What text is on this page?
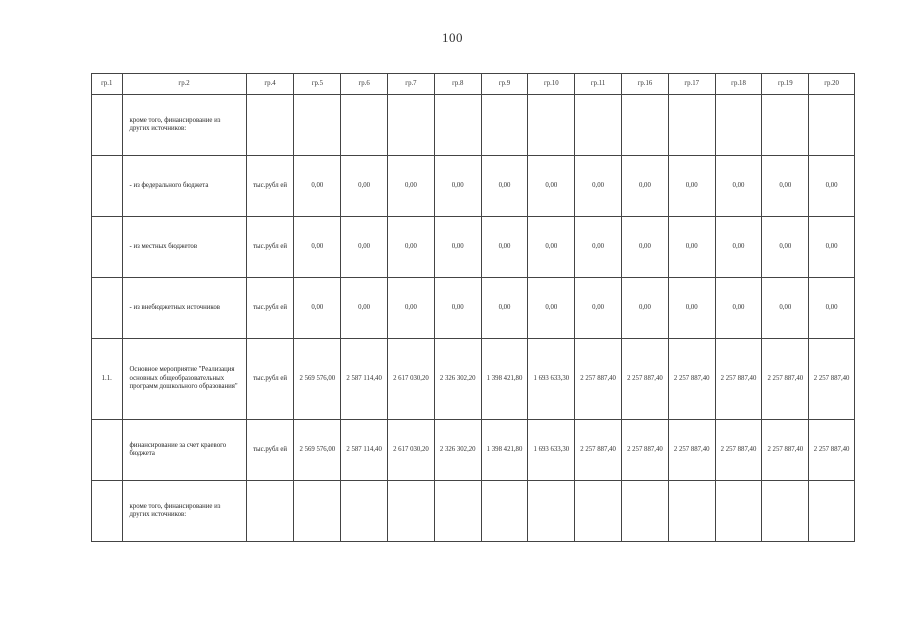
100
гр.1	гр.2	гр.4	гр.5	гр.6	гр.7	гр.8	гр.9	гр.10	гр.11	гр.16	гр.17	гр.18	гр.19	гр.20
	кроме того, финансирование из других источников:													
	- из федерального бюджета	тыс.рубл ей	0,00	0,00	0,00	0,00	0,00	0,00	0,00	0,00	0,00	0,00	0,00	0,00
	- из местных бюджетов	тыс.рубл ей	0,00	0,00	0,00	0,00	0,00	0,00	0,00	0,00	0,00	0,00	0,00	0,00
	- из внебюджетных источников	тыс.рубл ей	0,00	0,00	0,00	0,00	0,00	0,00	0,00	0,00	0,00	0,00	0,00	0,00
1.1.	Основное мероприятие "Реализация основных общеобразовательных программ дошкольного образования"	тыс.рубл ей	2 569 576,00	2 587 114,40	2 617 030,20	2 326 302,20	1 398 421,80	1 693 633,30	2 257 887,40	2 257 887,40	2 257 887,40	2 257 887,40	2 257 887,40	2 257 887,40
	финансирование за счет краевого бюджета	тыс.рубл ей	2 569 576,00	2 587 114,40	2 617 030,20	2 326 302,20	1 398 421,80	1 693 633,30	2 257 887,40	2 257 887,40	2 257 887,40	2 257 887,40	2 257 887,40	2 257 887,40
	кроме того, финансирование из других источников:													
